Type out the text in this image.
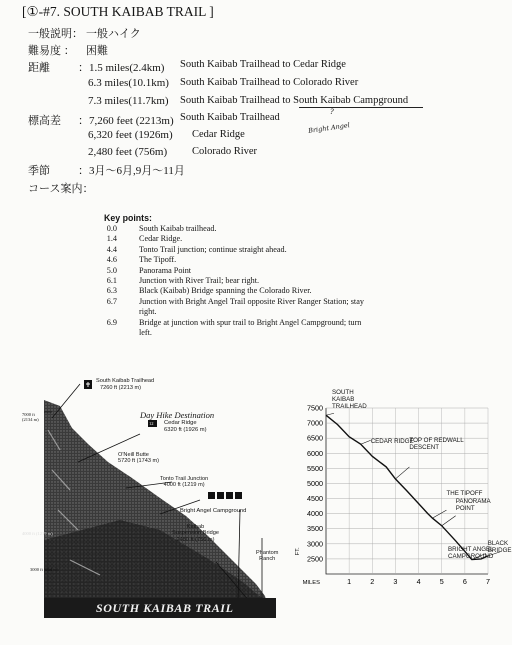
[①-#7. SOUTH KAIBAB TRAIL ]
一般説明： 一般ハイク
難易度 ： 困難
距離	：1.5 miles(2.4km) South Kaibab Trailhead to Cedar Ridge
6.3 miles(10.1km) South Kaibab Trailhead to Colorado River
7.3 miles(11.7km) South Kaibab Trailhead to South Kaibab Campground
標高差 ：7,260 feet (2213m) South Kaibab Trailhead	?
Bright Angel
6,320 feet (1926m) Cedar Ridge
2,480 feet (756m) Colorado River
季節	：3月～6月,9月～11月
コース案内：
Key points:
0.0	South Kaibab trailhead.
1.4	Cedar Ridge.
4.4	Tonto Trail junction; continue straight ahead.
4.6	The Tipoff.
5.0	Panorama Point
6.1	Junction with River Trail; bear right.
6.3	Black (Kaibab) Bridge spanning the Colorado River.
6.7	Junction with Bright Angel Trail opposite River Ranger Station; stay
right.
6.9	Bridge at junction with spur trail to Bright Angel Campground; turn
left.
South Kaibab Trailhead
7260 ft (2213 m)
7000 ft
(2134 m)	Day Hike Destination
12 Cedar Ridge
6320 ft (1926 m)
O'Neill Butte
5720 ft (1743 m)
Tonto Trail Junction
4000 ft (1219 m)
Bright Angel Campground
Kaibab
Suspension Bridge
2480 ft (756 m)
Phantom
Ranch
4000 ft (1219 m)
3000 ft (914 m)
SOUTH KAIBAB TRAIL
2500
3000
3500
4000
4500
5000
5500
6000
6500
7000
7500
1	2	3	4	5	6	7
MILES
FT.
SOUTH
KAIBAB
TRAILHEAD
CEDAR RIDGE
TOP OF REDWALL
DESCENT
THE TIPOFF
PANORAMA
POINT
BLACK
BRIDGE
BRIGHT ANGEL
CAMPGROUND
